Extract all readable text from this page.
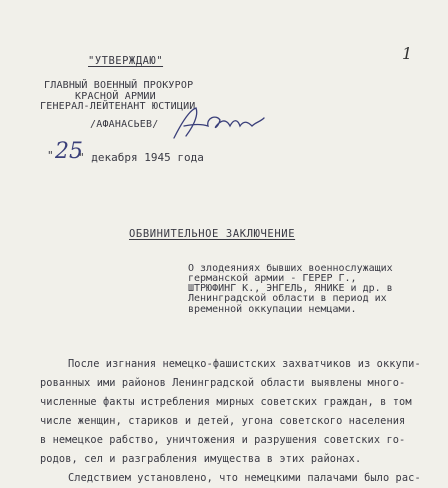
1
"УТВЕРЖДАЮ"
ГЛАВНЫЙ ВОЕННЫЙ ПРОКУРОР
КРАСНОЙ АРМИИ
ГЕНЕРАЛ-ЛЕЙТЕНАНТ ЮСТИЦИИ
/АФАНАСЬЕВ/
" 25
" декабря 1945 года
ОБВИНИТЕЛЬНОЕ ЗАКЛЮЧЕНИЕ
О злодеяниях бывших военнослужащих
германской армии - ГЕРЕР Г.,
ШТРЮФИНГ К., ЭНГЕЛЬ, ЯНИКЕ и др. в
Ленинградской области в период их
временной оккупации немцами.
После изгнания немецко-фашистских захватчиков из оккупи-
рованных ими районов Ленинградской области выявлены много-
численные факты истребления мирных советских граждан, в том
числе женщин, стариков и детей, угона советского населения
в немецкое рабство, уничтожения и разрушения советских го-
родов, сел и разграбления имущества в этих районах.
Следствием установлено, что немецкими палачами было рас-
